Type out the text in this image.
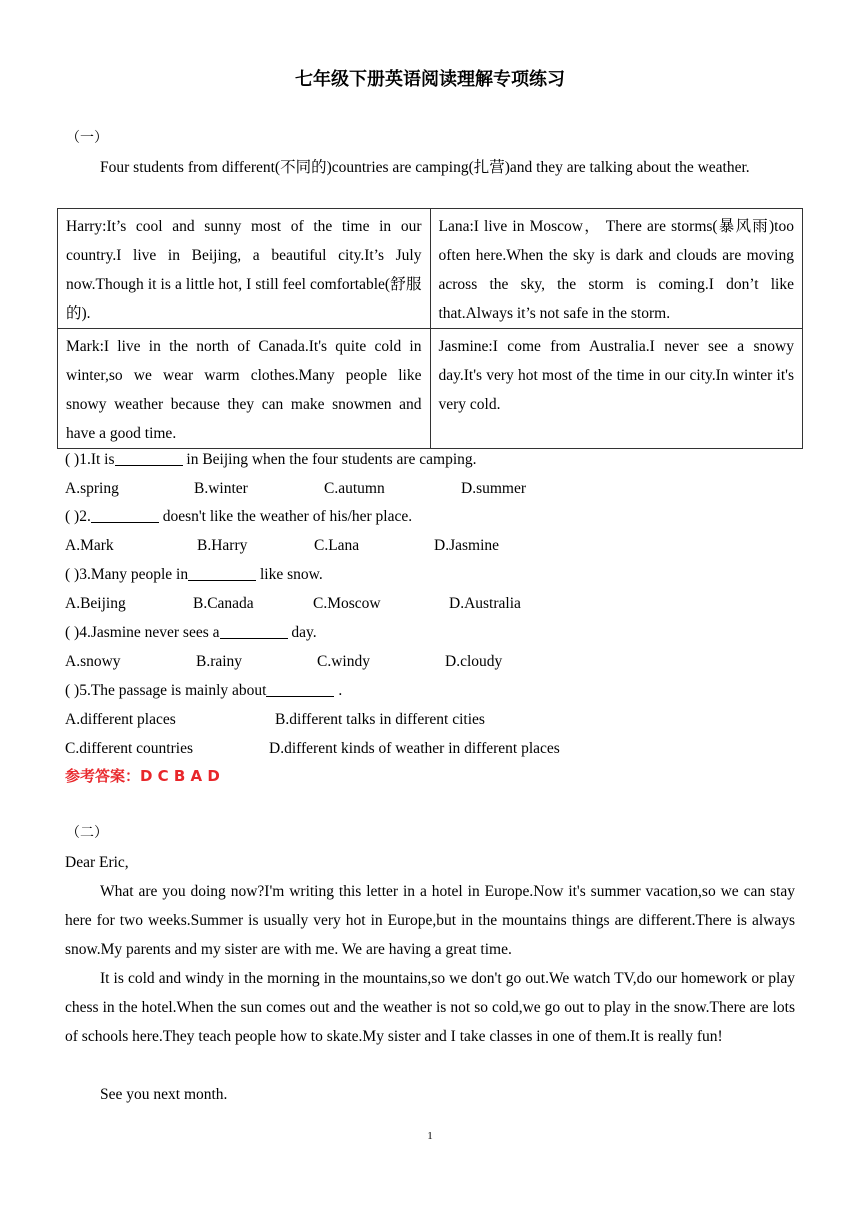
七年级下册英语阅读理解专项练习
（一）
Four students from different(不同的)countries are camping(扎营)and they are talking about the weather.
Harry:It’s cool and sunny most of the time in our country.I live in Beijing, a beautiful city.It’s July now.Though it is a little hot, I still feel comfortable(舒服的).	Lana:I live in Moscow， There are storms(暴风雨)too often here.When the sky is dark and clouds are moving across the sky, the storm is coming.I don’t like that.Always it’s not safe in the storm.
Mark:I live in the north of Canada.It's quite cold in winter,so we wear warm clothes.Many people like snowy weather because they can make snowmen and have a good time.	Jasmine:I come from Australia.I never see a snowy day.It's very hot most of the time in our city.In winter it's very cold.
( )1.It is	in Beijing when the four students are camping.
A.spring	B.winter	C.autumn	D.summer
( )2.	doesn't like the weather of his/her place.
A.Mark	B.Harry	C.Lana	D.Jasmine
( )3.Many people in	like snow.
A.Beijing	B.Canada	C.Moscow	D.Australia
( )4.Jasmine never sees a	day.
A.snowy	B.rainy	C.windy	D.cloudy
( )5.The passage is mainly about	.
A.different places	B.different talks in different cities
C.different countries	D.different kinds of weather in different places
参考答案：D C B A D
（二）
Dear Eric,
What are you doing now?I'm writing this letter in a hotel in Europe.Now it's summer vacation,so we can stay here for two weeks.Summer is usually very hot in Europe,but in the mountains things are different.There is always snow.My parents and my sister are with me. We are having a great time.
It is cold and windy in the morning in the mountains,so we don't go out.We watch TV,do our homework or play chess in the hotel.When the sun comes out and the weather is not so cold,we go out to play in the snow.There are lots of schools here.They teach people how to skate.My sister and I take classes in one of them.It is really fun!
See you next month.
1
